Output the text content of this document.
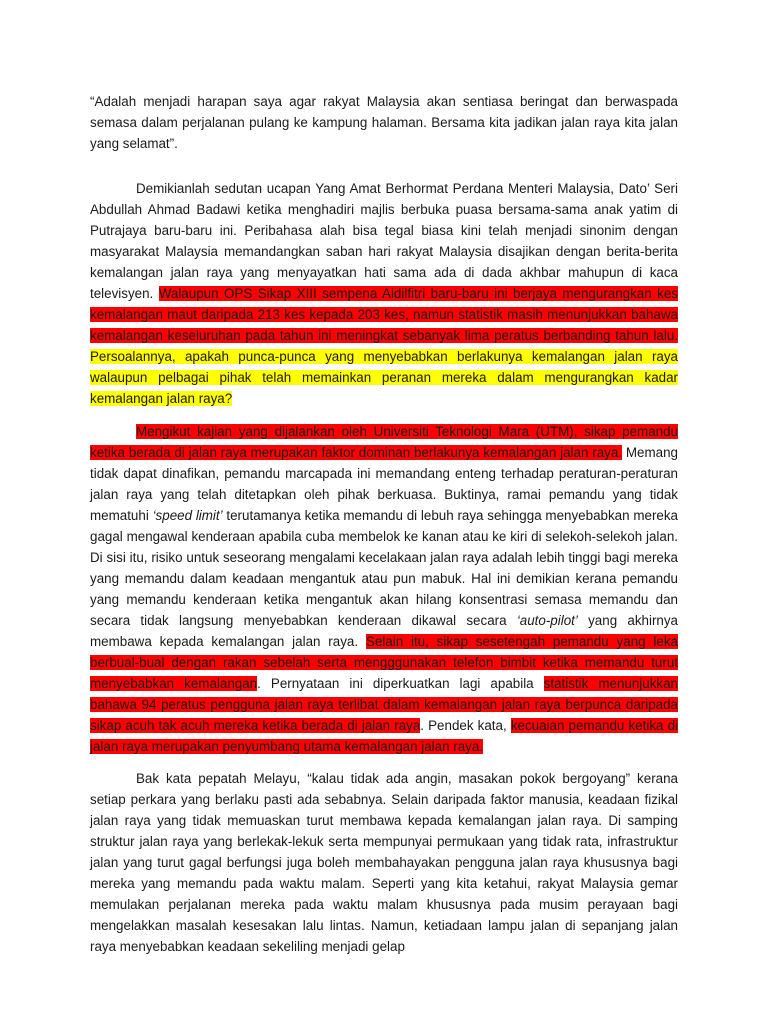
“Adalah menjadi harapan saya agar rakyat Malaysia akan sentiasa beringat dan berwaspada semasa dalam perjalanan pulang ke kampung halaman. Bersama kita jadikan jalan raya kita jalan yang selamat”.

Demikianlah sedutan ucapan Yang Amat Berhormat Perdana Menteri Malaysia, Dato’ Seri Abdullah Ahmad Badawi ketika menghadiri majlis berbuka puasa bersama-sama anak yatim di Putrajaya baru-baru ini. Peribahasa alah bisa tegal biasa kini telah menjadi sinonim dengan masyarakat Malaysia memandangkan saban hari rakyat Malaysia disajikan dengan berita-berita kemalangan jalan raya yang menyayatkan hati sama ada di dada akhbar mahupun di kaca televisyen. Walaupun OPS Sikap XIII sempena Aidilfitri baru-baru ini berjaya mengurangkan kes kemalangan maut daripada 213 kes kepada 203 kes, namun statistik masih menunjukkan bahawa kemalangan keseluruhan pada tahun ini meningkat sebanyak lima peratus berbanding tahun lalu. Persoalannya, apakah punca-punca yang menyebabkan berlakunya kemalangan jalan raya walaupun pelbagai pihak telah memainkan peranan mereka dalam mengurangkan kadar kemalangan jalan raya?

Mengikut kajian yang dijalankan oleh Universiti Teknologi Mara (UTM), sikap pemandu ketika berada di jalan raya merupakan faktor dominan berlakunya kemalangan jalan raya. Memang tidak dapat dinafikan, pemandu marcapada ini memandang enteng terhadap peraturan-peraturan jalan raya yang telah ditetapkan oleh pihak berkuasa. Buktinya, ramai pemandu yang tidak mematuhi ‘speed limit’ terutamanya ketika memandu di lebuh raya sehingga menyebabkan mereka gagal mengawal kenderaan apabila cuba membelok ke kanan atau ke kiri di selekoh-selekoh jalan. Di sisi itu, risiko untuk seseorang mengalami kecelakaan jalan raya adalah lebih tinggi bagi mereka yang memandu dalam keadaan mengantuk atau pun mabuk. Hal ini demikian kerana pemandu yang memandu kenderaan ketika mengantuk akan hilang konsentrasi semasa memandu dan secara tidak langsung menyebabkan kenderaan dikawal secara ‘auto-pilot’ yang akhirnya membawa kepada kemalangan jalan raya. Selain itu, sikap sesetengah pemandu yang leka berbual-bual dengan rakan sebelah serta mengggunakan telefon bimbit ketika memandu turut menyebabkan kemalangan. Pernyataan ini diperkuatkan lagi apabila statistik menunjukkan bahawa 94 peratus pengguna jalan raya terlibat dalam kemalangan jalan raya berpunca daripada sikap acuh tak acuh mereka ketika berada di jalan raya. Pendek kata, kecuaian pemandu ketika di jalan raya merupakan penyumbang utama kemalangan jalan raya.

Bak kata pepatah Melayu, “kalau tidak ada angin, masakan pokok bergoyang” kerana setiap perkara yang berlaku pasti ada sebabnya. Selain daripada faktor manusia, keadaan fizikal jalan raya yang tidak memuaskan turut membawa kepada kemalangan jalan raya. Di samping struktur jalan raya yang berlekak-lekuk serta mempunyai permukaan yang tidak rata, infrastruktur jalan yang turut gagal berfungsi juga boleh membahayakan pengguna jalan raya khususnya bagi mereka yang memandu pada waktu malam. Seperti yang kita ketahui, rakyat Malaysia gemar memulakan perjalanan mereka pada waktu malam khususnya pada musim perayaan bagi mengelakkan masalah kesesakan lalu lintas. Namun, ketiadaan lampu jalan di sepanjang jalan raya menyebabkan keadaan sekeliling menjadi gelap
